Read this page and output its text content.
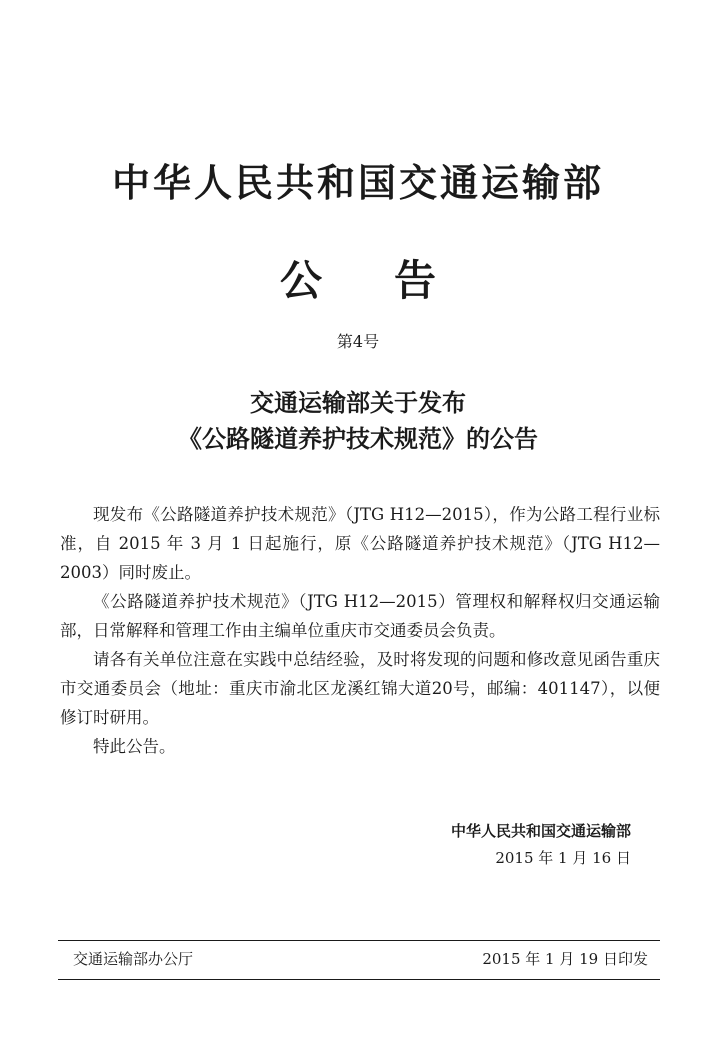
中华人民共和国交通运输部
公告
第4号
交通运输部关于发布
《公路隧道养护技术规范》的公告

现发布《公路隧道养护技术规范》（JTG H12—2015），作为公路工程行业标准，自 2015 年 3 月 1 日起施行，原《公路隧道养护技术规范》（JTG H12—2003）同时废止。

《公路隧道养护技术规范》（JTG H12—2015）管理权和解释权归交通运输部，日常解释和管理工作由主编单位重庆市交通委员会负责。

请各有关单位注意在实践中总结经验，及时将发现的问题和修改意见函告重庆市交通委员会（地址：重庆市渝北区龙溪红锦大道20号，邮编：401147），以便修订时研用。

特此公告。

中华人民共和国交通运输部
2015 年 1 月 16 日
交通运输部办公厅	2015 年 1 月 19 日印发
